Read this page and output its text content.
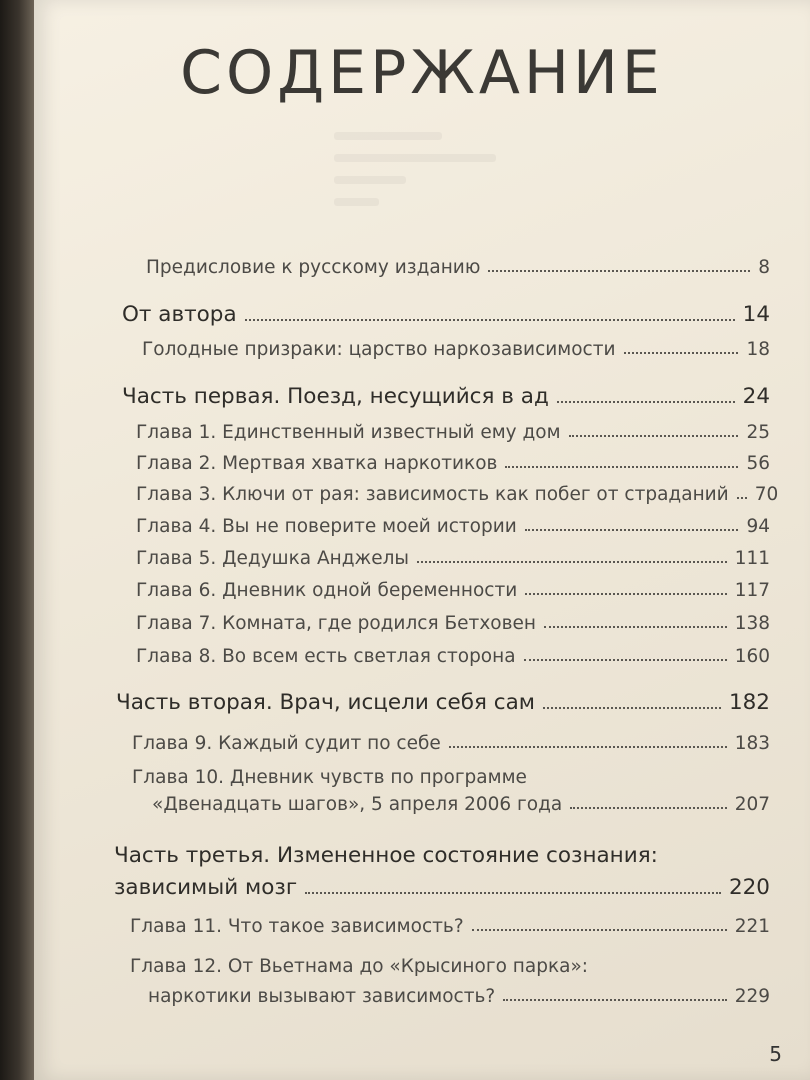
СОДЕРЖАНИЕ
Предисловие к русскому изданию	8
От автора	14
Голодные призраки: царство наркозависимости	18
Часть первая. Поезд, несущийся в ад	24
Глава 1. Единственный известный ему дом	25
Глава 2. Мертвая хватка наркотиков	56
Глава 3. Ключи от рая: зависимость как побег от страданий 70
Глава 4. Вы не поверите моей истории	94
Глава 5. Дедушка Анджелы	111
Глава 6. Дневник одной беременности	117
Глава 7. Комната, где родился Бетховен	138
Глава 8. Во всем есть светлая сторона	160
Часть вторая. Врач, исцели себя сам	182
Глава 9. Каждый судит по себе	183
Глава 10. Дневник чувств по программе
«Двенадцать шагов», 5 апреля 2006 года	207
Часть третья. Измененное состояние сознания:
зависимый мозг	220
Глава 11. Что такое зависимость?	221
Глава 12. От Вьетнама до «Крысиного парка»:
наркотики вызывают зависимость?	229
5
